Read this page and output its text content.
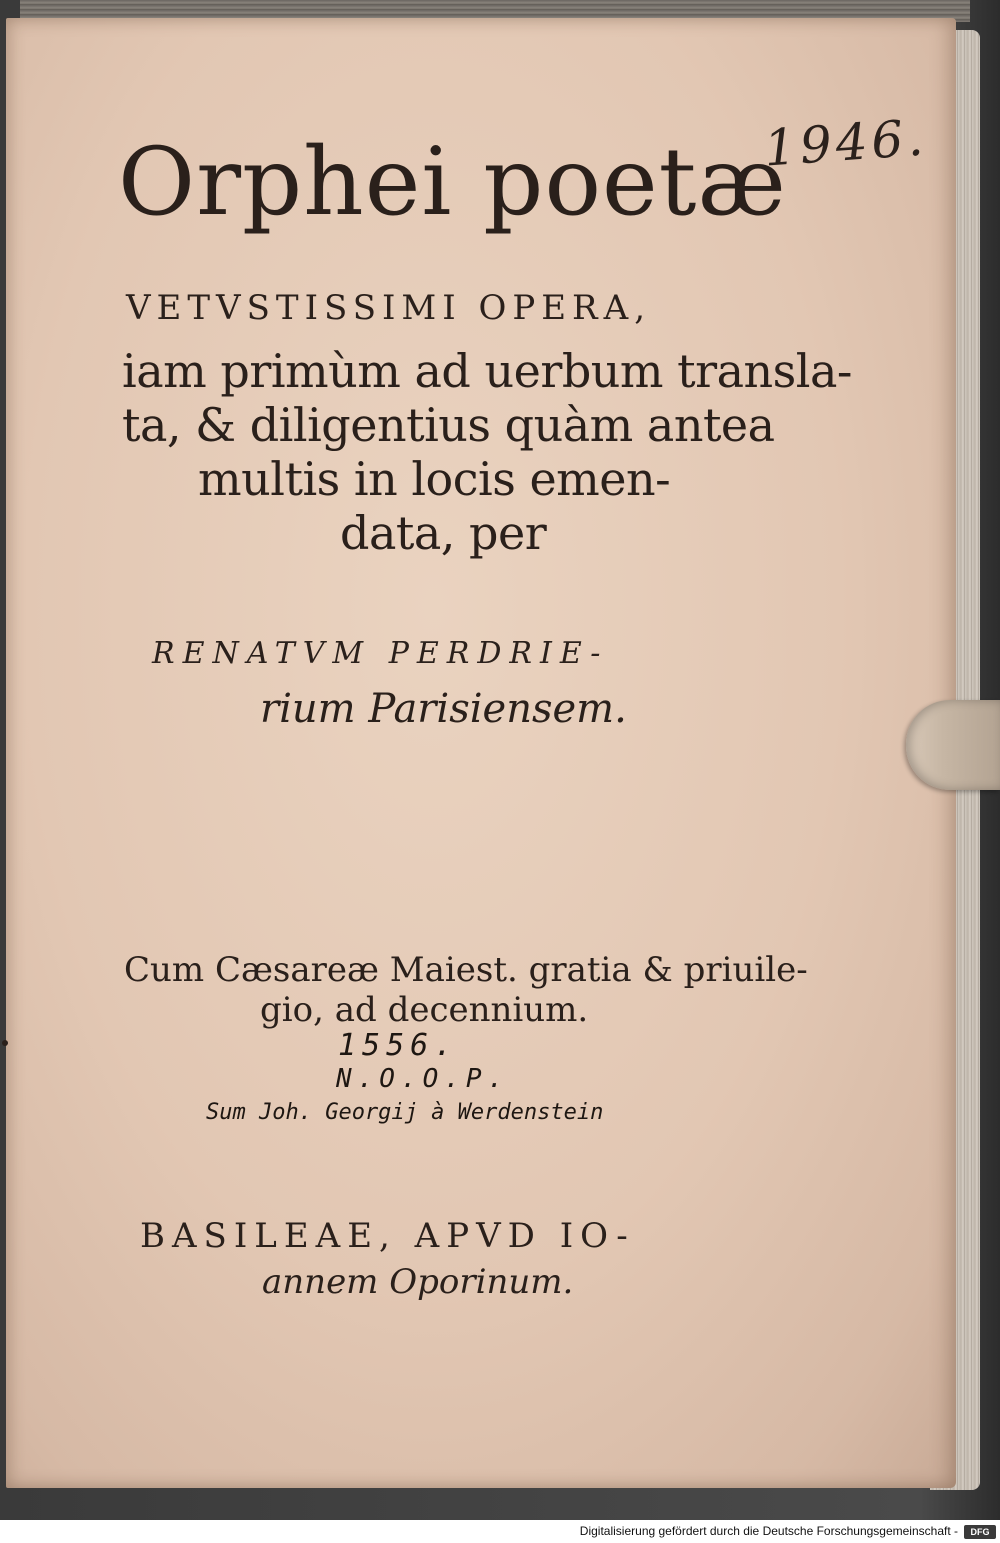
1946.

Orphei poetæ

VETVSTISSIMI OPERA,

iam primùm ad uerbum transla-

ta, & diligentius quàm antea

multis in locis emen-

data, per

RENATVM PERDRIE-

rium Parisiensem.

Cum Cæsareæ Maiest. gratia & priuile-

gio, ad decennium.

1556.

N.O.O.P.

Sum Joh. Georgij à Werdenstein

BASILEAE, APVD IO-

annem Oporinum.

Digitalisierung gefördert durch die Deutsche Forschungsgemeinschaft -	DFG
